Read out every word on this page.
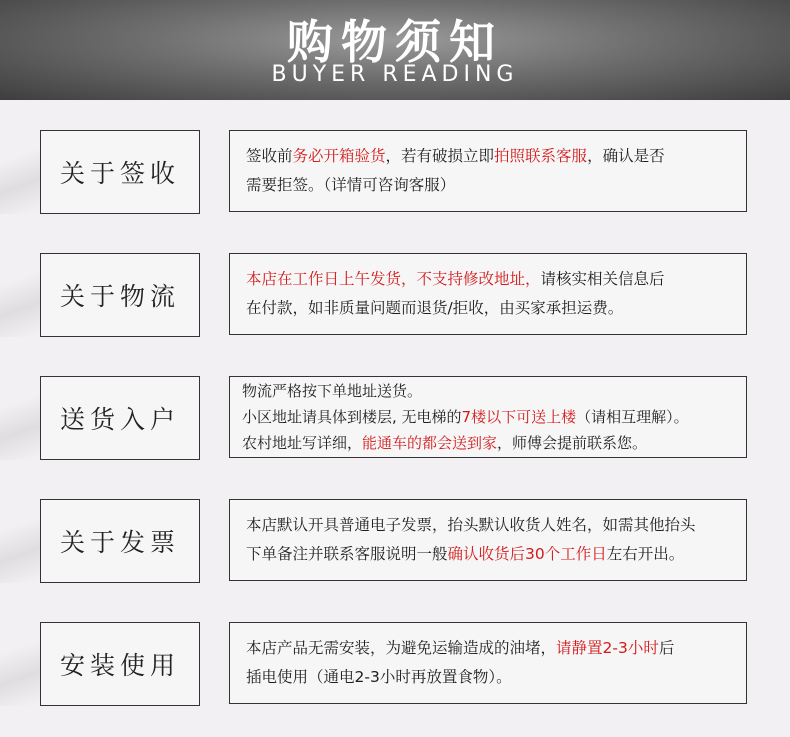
购物须知
BUYER READING
关于签收
签收前务必开箱验货，若有破损立即拍照联系客服，确认是否
需要拒签。（详情可咨询客服）
关于物流
本店在工作日上午发货，不支持修改地址，请核实相关信息后
在付款，如非质量问题而退货/拒收，由买家承担运费。
送货入户
物流严格按下单地址送货。
小区地址请具体到楼层, 无电梯的7楼以下可送上楼（请相互理解）。
农村地址写详细，能通车的都会送到家，师傅会提前联系您。
关于发票
本店默认开具普通电子发票，抬头默认收货人姓名，如需其他抬头
下单备注并联系客服说明一般确认收货后30个工作日左右开出。
安装使用
本店产品无需安装，为避免运输造成的油堵，请静置2-3小时后
插电使用（通电2-3小时再放置食物）。
